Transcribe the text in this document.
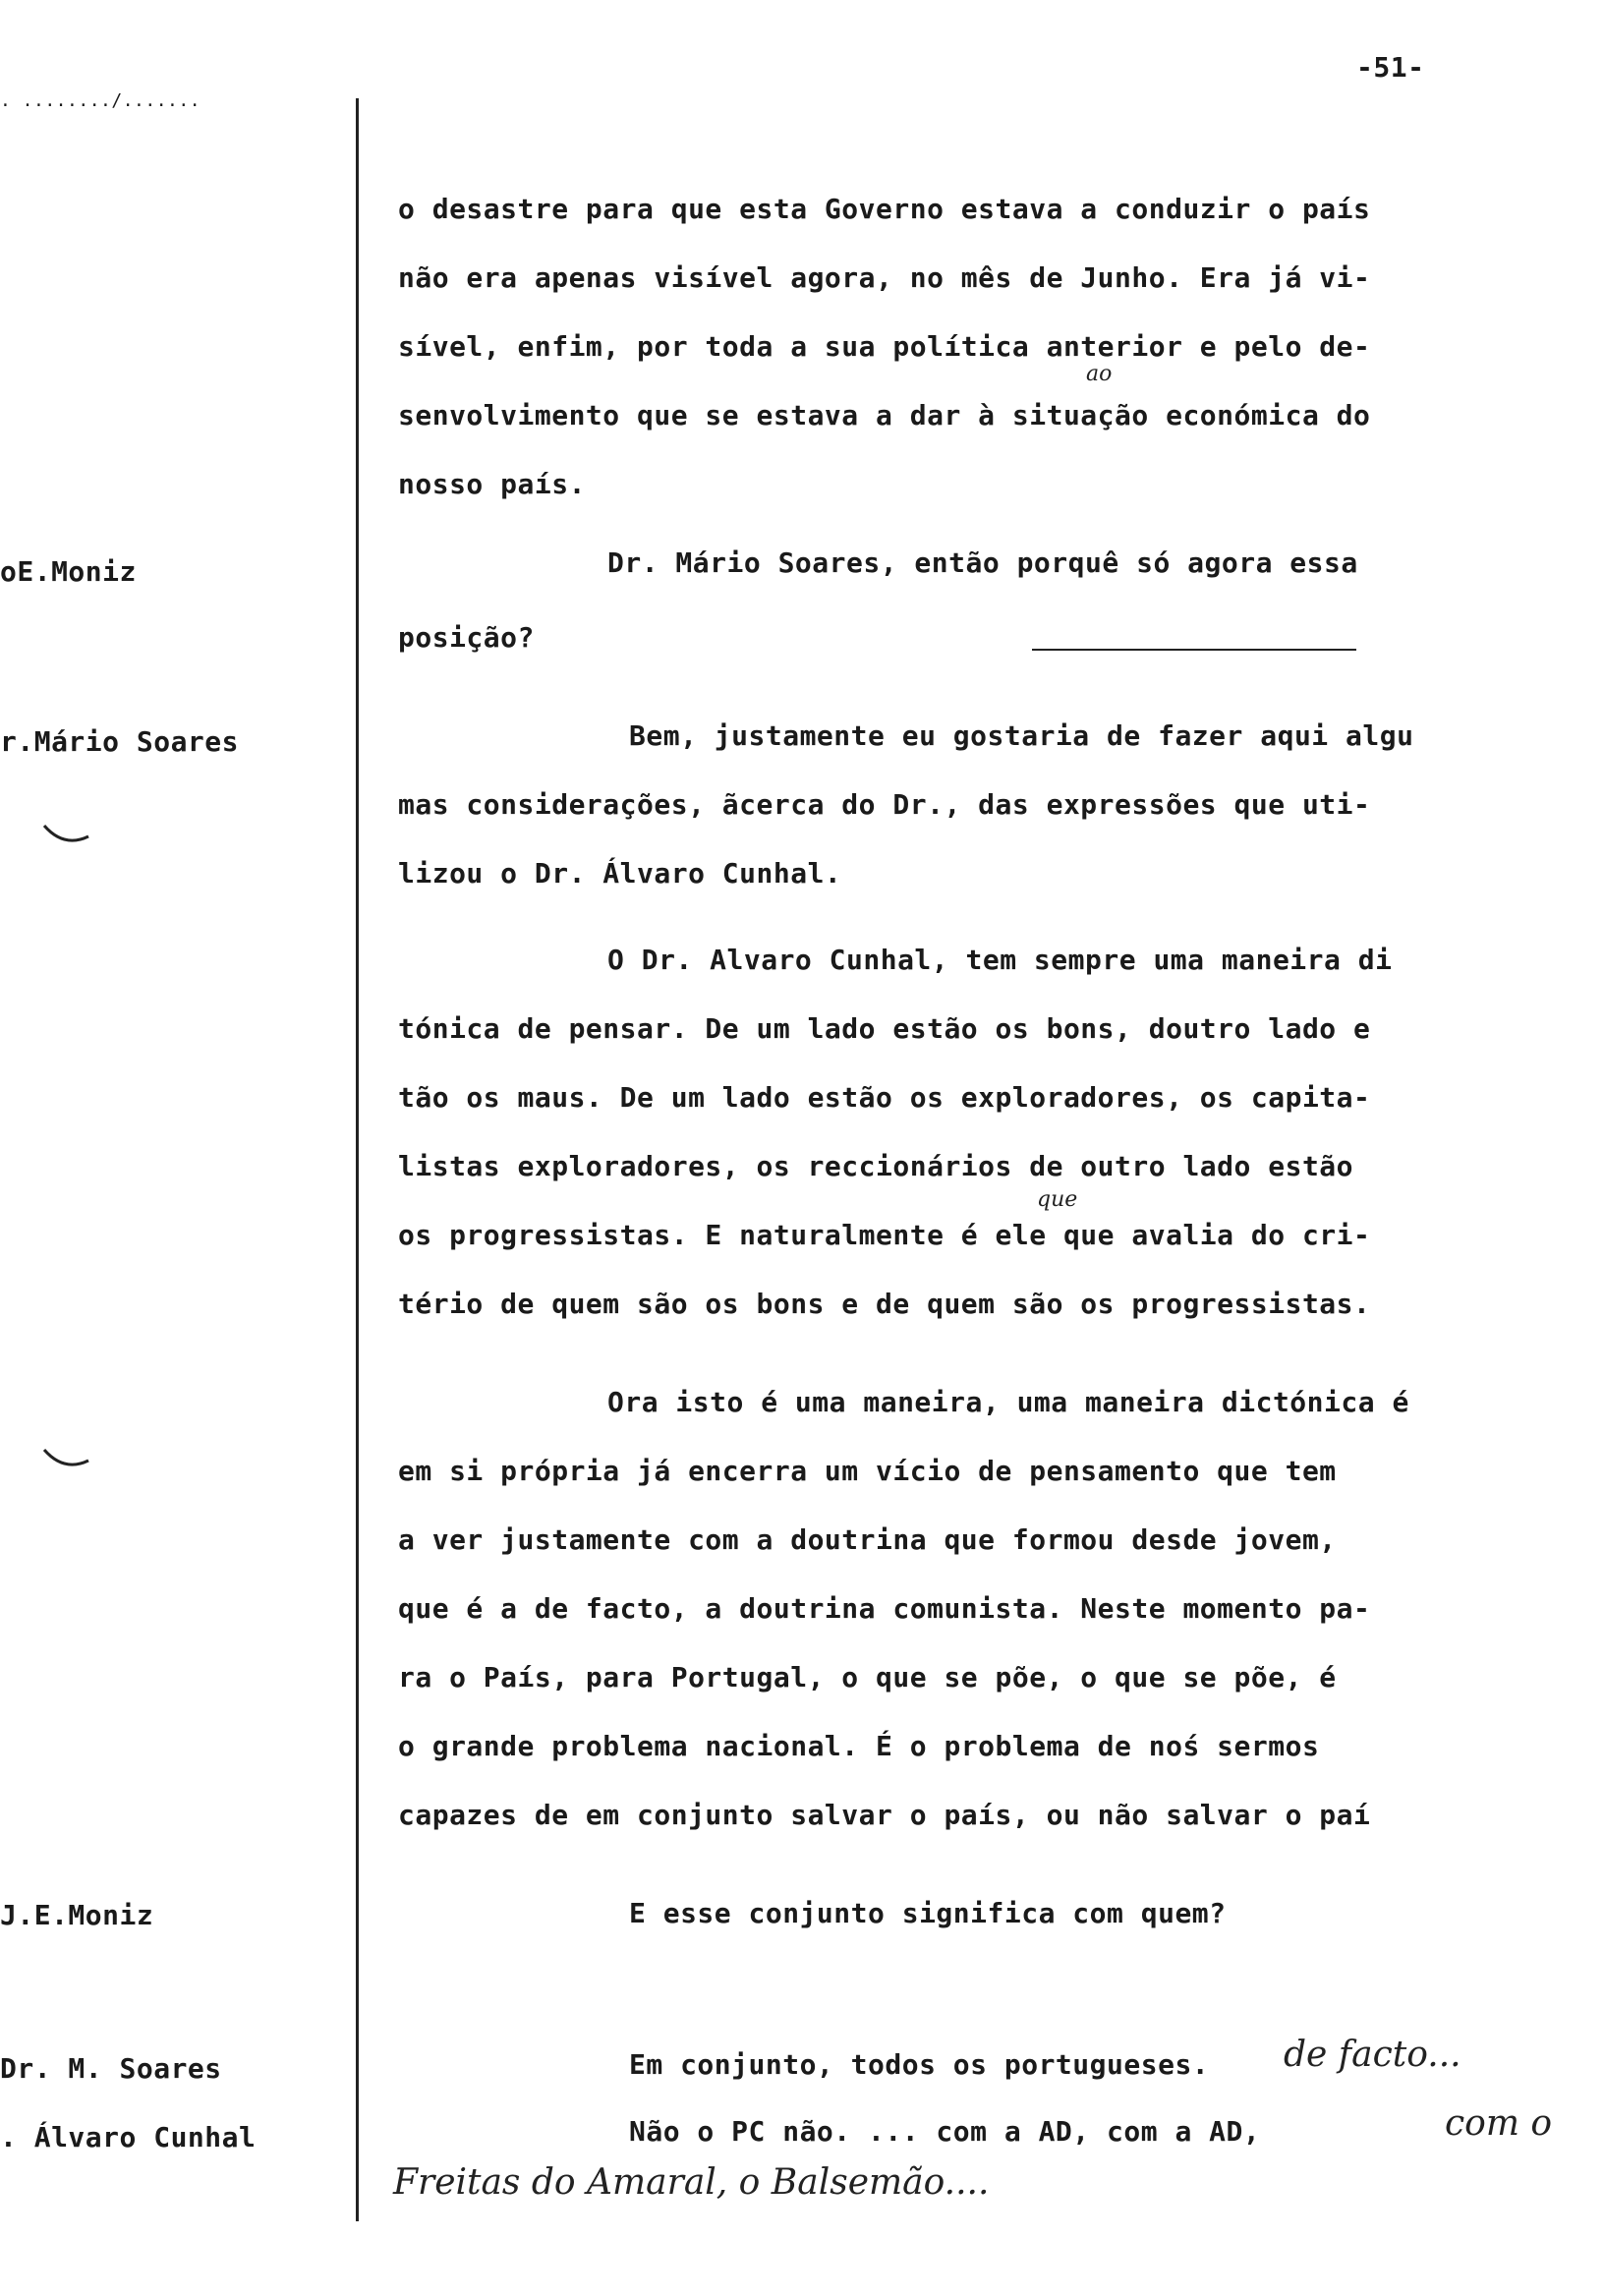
. ......../.......
-51-
oE.Moniz
r.Mário Soares
J.E.Moniz
Dr. M. Soares
. Álvaro Cunhal
o desastre para que esta Governo estava a conduzir o país
não era apenas visível agora, no mês de Junho. Era já vi-
sível, enfim, por toda a sua política anterior e pelo de-
senvolvimento que se estava a dar à situação económica do
nosso país.
Dr. Mário Soares, então porquê só agora essa
posição?
Bem, justamente eu gostaria de fazer aqui algu
mas considerações, ãcerca do Dr., das expressões que uti-
lizou o Dr. Álvaro Cunhal.
O Dr. Alvaro Cunhal, tem sempre uma maneira di
tónica de pensar. De um lado estão os bons, doutro lado e
tão os maus. De um lado estão os exploradores, os capita-
listas exploradores, os reccionários de outro lado estão
os progressistas. E naturalmente é ele que avalia do cri-
tério de quem são os bons e de quem são os progressistas.
Ora isto é uma maneira, uma maneira dictónica é
em si própria já encerra um vício de pensamento que tem
a ver justamente com a doutrina que formou desde jovem,
que é a de facto, a doutrina comunista. Neste momento pa-
ra o País, para Portugal, o que se põe, o que se põe, é
o grande problema nacional. É o problema de noś sermos
capazes de em conjunto salvar o país, ou não salvar o paí
E esse conjunto significa com quem?
Em conjunto, todos os portugueses.
Não o PC não. ... com a AD, com a AD,
ao
que
de facto...
com o
Freitas do Amaral, o Balsemão....
